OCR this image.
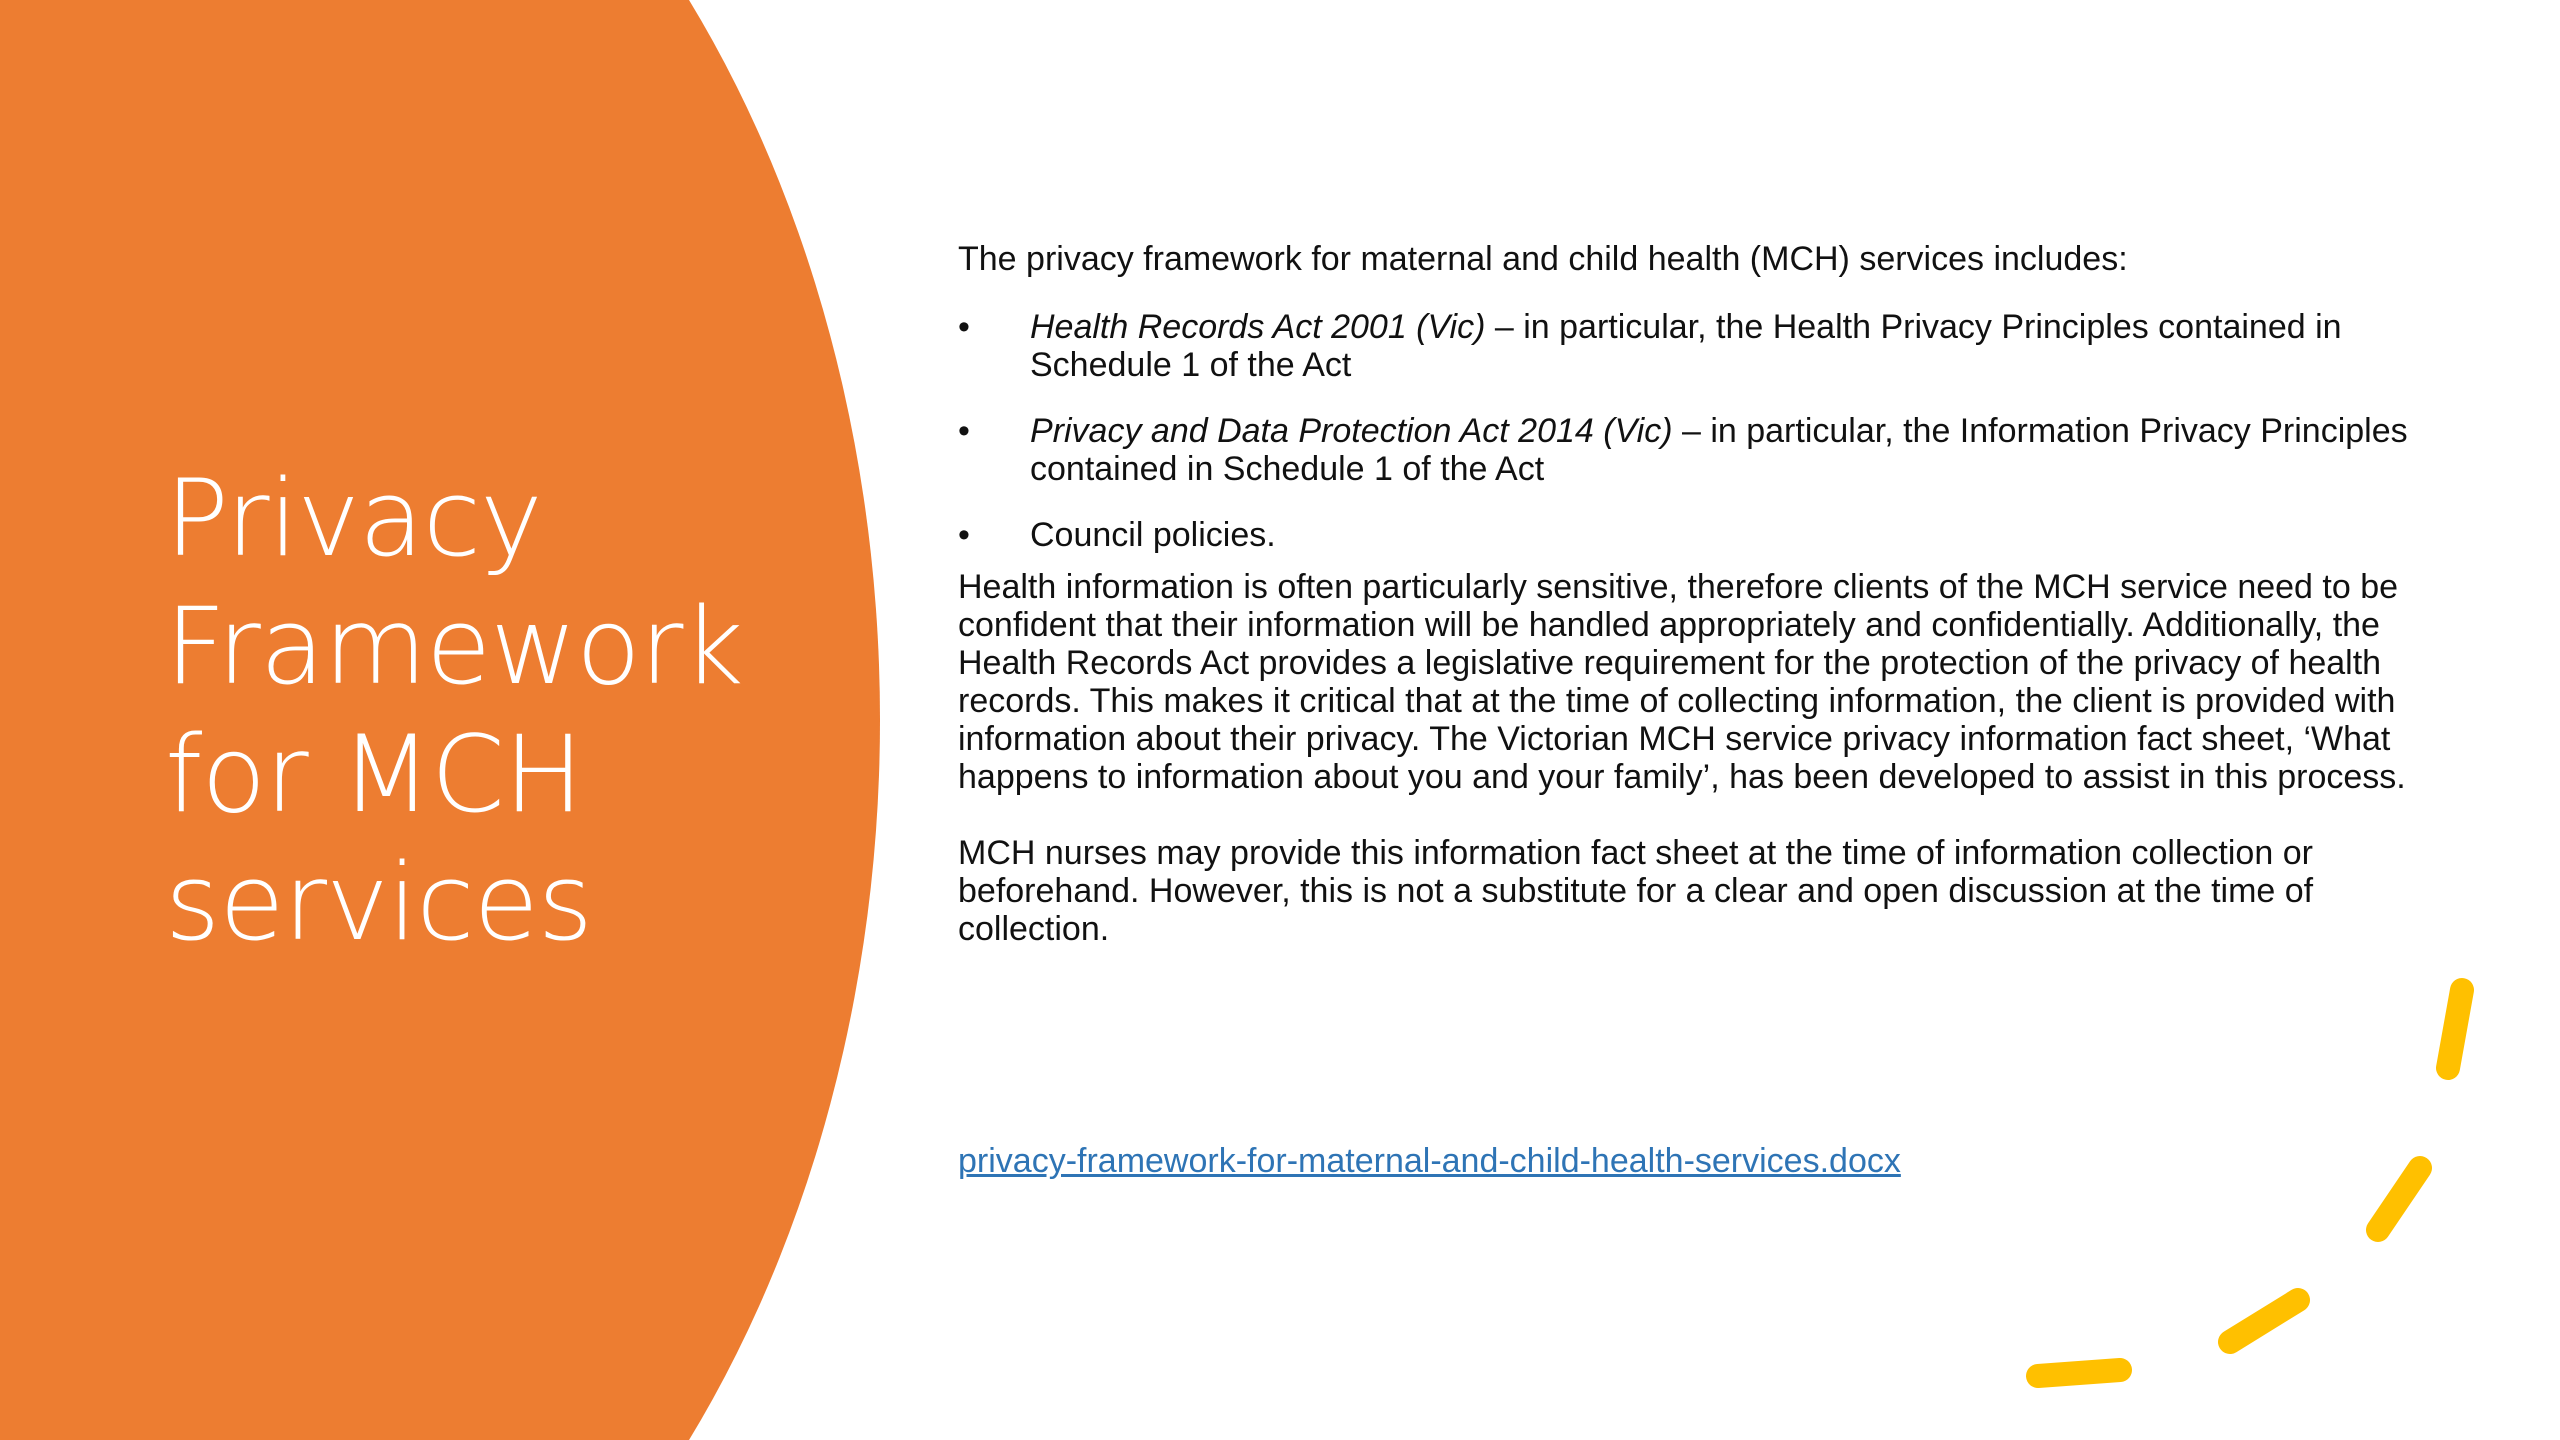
Privacy
Framework
for MCH
services

The privacy framework for maternal and child health (MCH) services includes:

•	Health Records Act 2001 (Vic) – in particular, the Health Privacy Principles contained in Schedule 1 of the Act
•	Privacy and Data Protection Act 2014 (Vic) – in particular, the Information Privacy Principles contained in Schedule 1 of the Act
•	Council policies.

Health information is often particularly sensitive, therefore clients of the MCH service need to be confident that their information will be handled appropriately and confidentially. Additionally, the Health Records Act provides a legislative requirement for the protection of the privacy of health records. This makes it critical that at the time of collecting information, the client is provided with information about their privacy. The Victorian MCH service privacy information fact sheet, ‘What happens to information about you and your family’, has been developed to assist in this process.

MCH nurses may provide this information fact sheet at the time of information collection or beforehand. However, this is not a substitute for a clear and open discussion at the time of collection.

privacy-framework-for-maternal-and-child-health-services.docx
